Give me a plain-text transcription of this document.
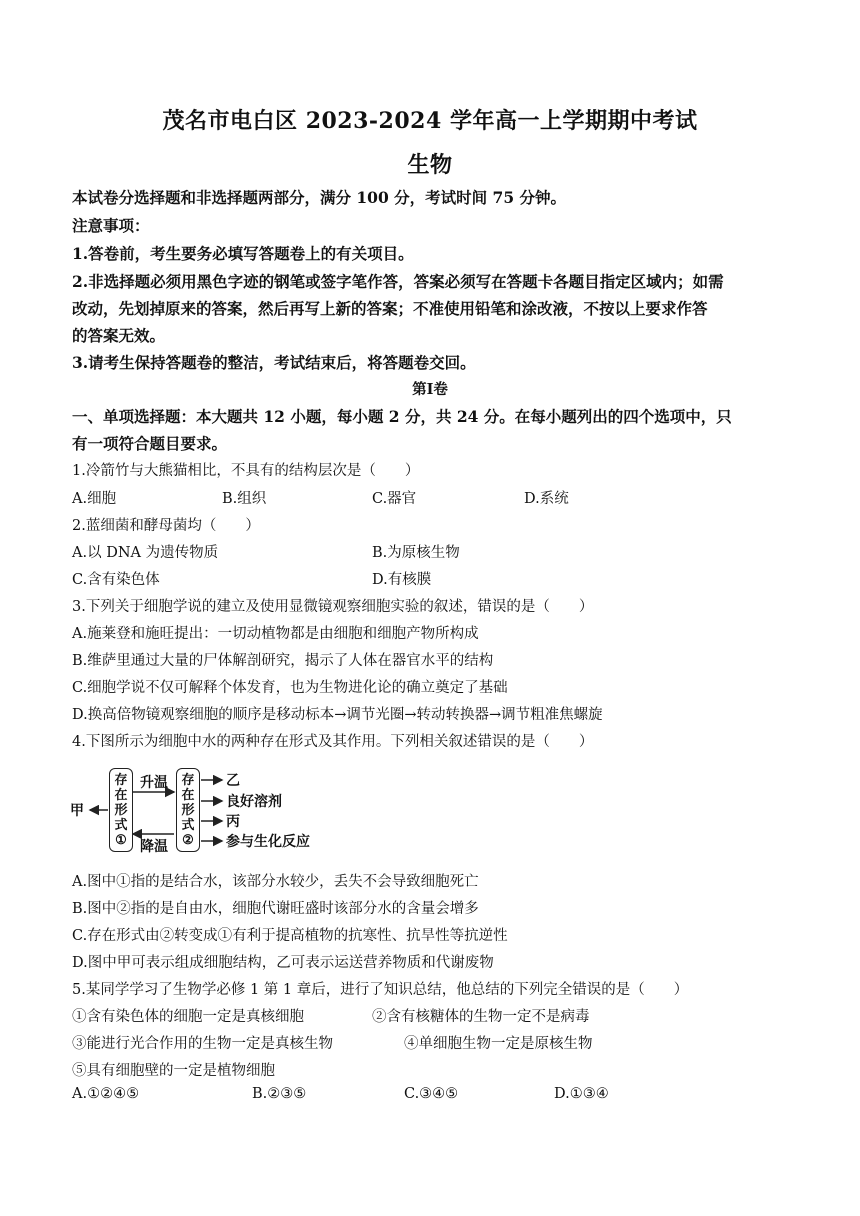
茂名市电白区 2023-2024 学年高一上学期期中考试
生物
本试卷分选择题和非选择题两部分，满分 100 分，考试时间 75 分钟。
注意事项：
1.答卷前，考生要务必填写答题卷上的有关项目。
2.非选择题必须用黑色字迹的钢笔或签字笔作答，答案必须写在答题卡各题目指定区域内；如需
改动，先划掉原来的答案，然后再写上新的答案；不准使用铅笔和涂改液，不按以上要求作答
的答案无效。
3.请考生保持答题卷的整洁，考试结束后，将答题卷交回。
第Ⅰ卷
一、单项选择题：本大题共 12 小题，每小题 2 分，共 24 分。在每小题列出的四个选项中，只
有一项符合题目要求。
1.冷箭竹与大熊猫相比，不具有的结构层次是（　　）
A.细胞	B.组织	C.器官	D.系统
2.蓝细菌和酵母菌均（　　）
A.以 DNA 为遗传物质	B.为原核生物
C.含有染色体	D.有核膜
3.下列关于细胞学说的建立及使用显微镜观察细胞实验的叙述，错误的是（　　）
A.施莱登和施旺提出：一切动植物都是由细胞和细胞产物所构成
B.维萨里通过大量的尸体解剖研究，揭示了人体在器官水平的结构
C.细胞学说不仅可解释个体发育，也为生物进化论的确立奠定了基础
D.换高倍物镜观察细胞的顺序是移动标本→调节光圈→转动转换器→调节粗准焦螺旋
4.下图所示为细胞中水的两种存在形式及其作用。下列相关叙述错误的是（　　）
甲
存
在
形
式
①
升温
降温
存
在
形
式
②
乙
良好溶剂
丙
参与生化反应
A.图中①指的是结合水，该部分水较少，丢失不会导致细胞死亡
B.图中②指的是自由水，细胞代谢旺盛时该部分水的含量会增多
C.存在形式由②转变成①有利于提高植物的抗寒性、抗旱性等抗逆性
D.图中甲可表示组成细胞结构，乙可表示运送营养物质和代谢废物
5.某同学学习了生物学必修 1 第 1 章后，进行了知识总结，他总结的下列完全错误的是（　　）
①含有染色体的细胞一定是真核细胞	②含有核糖体的生物一定不是病毒
③能进行光合作用的生物一定是真核生物	④单细胞生物一定是原核生物
⑤具有细胞壁的一定是植物细胞
A.①②④⑤	B.②③⑤	C.③④⑤	D.①③④
